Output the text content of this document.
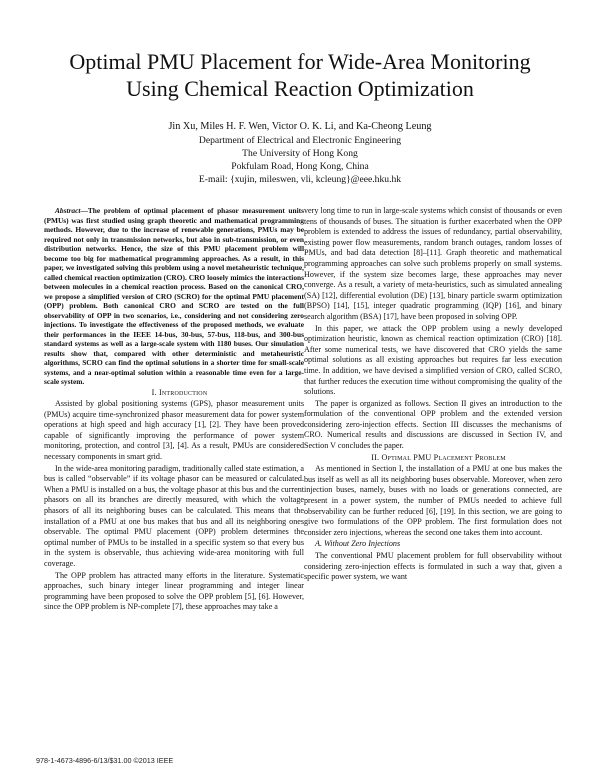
Optimal PMU Placement for Wide-Area Monitoring
Using Chemical Reaction Optimization
Jin Xu, Miles H. F. Wen, Victor O. K. Li, and Ka-Cheong Leung
Department of Electrical and Electronic Engineering
The University of Hong Kong
Pokfulam Road, Hong Kong, China
E-mail: {xujin, mileswen, vli, kcleung}@eee.hku.hk

Abstract—The problem of optimal placement of phasor measurement units (PMUs) was first studied using graph theoretic and mathematical programming methods. However, due to the increase of renewable generations, PMUs may be required not only in transmission networks, but also in sub-transmission, or even distribution networks. Hence, the size of this PMU placement problem will become too big for mathematical programming approaches. As a result, in this paper, we investigated solving this problem using a novel metaheuristic technique, called chemical reaction optimization (CRO). CRO loosely mimics the interactions between molecules in a chemical reaction process. Based on the canonical CRO, we propose a simplified version of CRO (SCRO) for the optimal PMU placement (OPP) problem. Both canonical CRO and SCRO are tested on the full observability of OPP in two scenarios, i.e., considering and not considering zero injections. To investigate the effectiveness of the proposed methods, we evaluate their performances in the IEEE 14-bus, 30-bus, 57-bus, 118-bus, and 300-bus standard systems as well as a large-scale system with 1180 buses. Our simulation results show that, compared with other deterministic and metaheuristic algorithms, SCRO can find the optimal solutions in a shorter time for small-scale systems, and a near-optimal solution within a reasonable time even for a large-scale system.

I. Introduction

Assisted by global positioning systems (GPS), phasor measurement units (PMUs) acquire time-synchronized phasor measurement data for power system operations at high speed and high accuracy [1], [2]. They have been proved capable of significantly improving the performance of power system monitoring, protection, and control [3], [4]. As a result, PMUs are considered necessary components in smart grid.

In the wide-area monitoring paradigm, traditionally called state estimation, a bus is called “observable” if its voltage phasor can be measured or calculated. When a PMU is installed on a bus, the voltage phasor at this bus and the current phasors on all its branches are directly measured, with which the voltage phasors of all its neighboring buses can be calculated. This means that the installation of a PMU at one bus makes that bus and all its neighboring ones observable. The optimal PMU placement (OPP) problem determines the optimal number of PMUs to be installed in a specific system so that every bus in the system is observable, thus achieving wide-area monitoring with full coverage.

The OPP problem has attracted many efforts in the literature. Systematic approaches, such binary integer linear programming and integer linear programming have been proposed to solve the OPP problem [5], [6]. However, since the OPP problem is NP-complete [7], these approaches may take a

very long time to run in large-scale systems which consist of thousands or even tens of thousands of buses. The situation is further exacerbated when the OPP problem is extended to address the issues of redundancy, partial observability, existing power flow measurements, random branch outages, random losses of PMUs, and bad data detection [8]–[11]. Graph theoretic and mathematical programming approaches can solve such problems properly on small systems. However, if the system size becomes large, these approaches may never converge. As a result, a variety of meta-heuristics, such as simulated annealing (SA) [12], differential evolution (DE) [13], binary particle swarm optimization (BPSO) [14], [15], integer quadratic programming (IQP) [16], and binary search algorithm (BSA) [17], have been proposed in solving OPP.

In this paper, we attack the OPP problem using a newly developed optimization heuristic, known as chemical reaction optimization (CRO) [18]. After some numerical tests, we have discovered that CRO yields the same optimal solutions as all existing approaches but requires far less execution time. In addition, we have devised a simplified version of CRO, called SCRO, that further reduces the execution time without compromising the quality of the solutions.

The paper is organized as follows. Section II gives an introduction to the formulation of the conventional OPP problem and the extended version considering zero-injection effects. Section III discusses the mechanisms of CRO. Numerical results and discussions are discussed in Section IV, and Section V concludes the paper.

II. Optimal PMU Placement Problem

As mentioned in Section I, the installation of a PMU at one bus makes the bus itself as well as all its neighboring buses observable. Moreover, when zero injection buses, namely, buses with no loads or generations connected, are present in a power system, the number of PMUs needed to achieve full observability can be further reduced [6], [19]. In this section, we are going to give two formulations of the OPP problem. The first formulation does not consider zero injections, whereas the second one takes them into account.

A. Without Zero Injections

The conventional PMU placement problem for full observability without considering zero-injection effects is formulated in such a way that, given a specific power system, we want

978-1-4673-4896-6/13/$31.00 ©2013 IEEE
